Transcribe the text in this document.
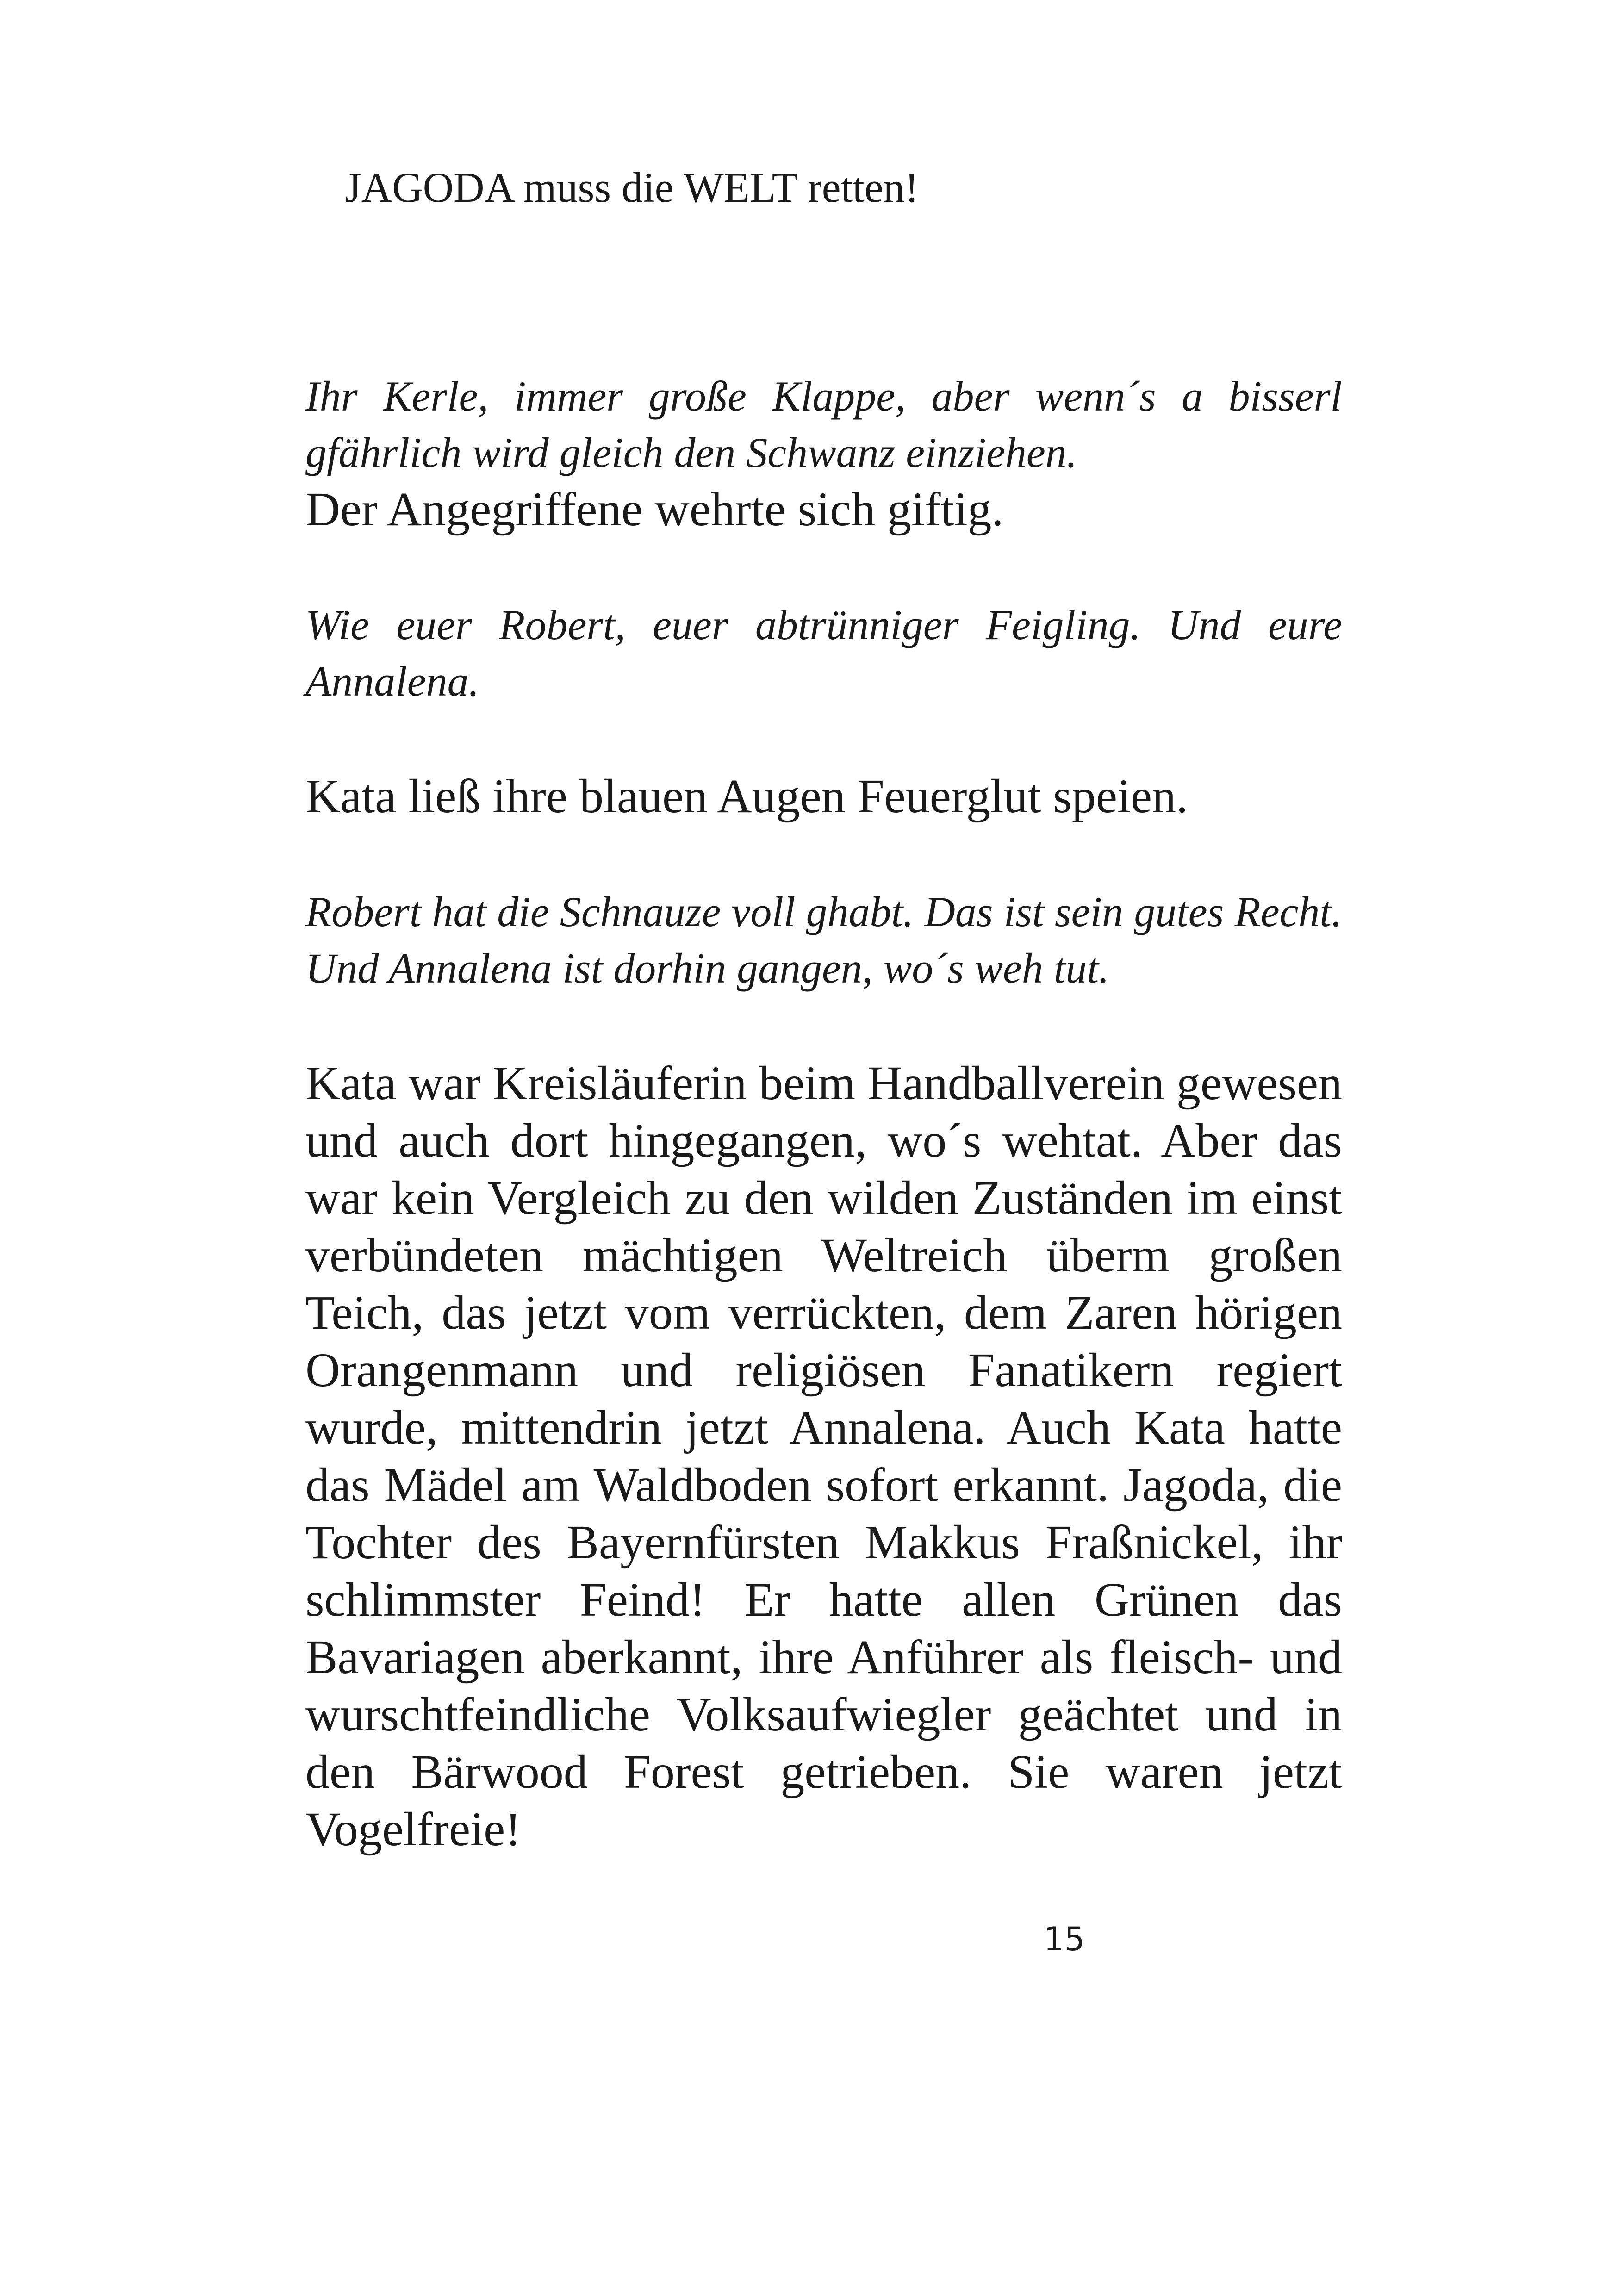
JAGODA muss die WELT retten!

Ihr Kerle, immer große Klappe, aber wenn´s a bisserl gfährlich wird gleich den Schwanz einziehen.

Der Angegriffene wehrte sich giftig.

Wie euer Robert, euer abtrünniger Feigling. Und eure Annalena.

Kata ließ ihre blauen Augen Feuerglut speien.

Robert hat die Schnauze voll ghabt. Das ist sein gutes Recht. Und Annalena ist dorhin gangen, wo´s weh tut.

Kata war Kreisläuferin beim Handballverein gewesen und auch dort hingegangen, wo´s wehtat. Aber das war kein Vergleich zu den wilden Zuständen im einst verbündeten mächtigen Weltreich überm großen Teich, das jetzt vom verrückten, dem Zaren hörigen Orangenmann und religiösen Fanatikern regiert wurde, mittendrin jetzt Annalena. Auch Kata hatte das Mädel am Waldboden sofort erkannt. Jagoda, die Tochter des Bayernfürsten Makkus Fraßnickel, ihr schlimmster Feind! Er hatte allen Grünen das Bavariagen aberkannt, ihre Anführer als fleisch- und wurschtfeindliche Volksaufwiegler geächtet und in den Bärwood Forest getrieben. Sie waren jetzt Vogelfreie!

15
